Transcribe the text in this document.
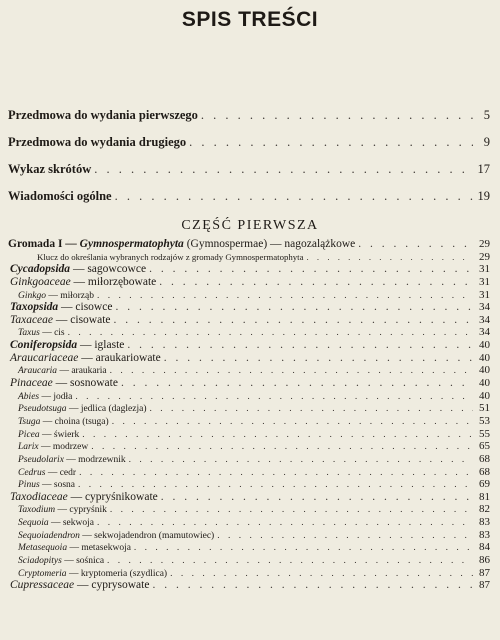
SPIS TREŚCI
Przedmowa do wydania pierwszego . . .	5
Przedmowa do wydania drugiego . . .	9
Wykaz skrótów . . .	17
Wiadomości ogólne . . .	19
CZĘŚĆ PIERWSZA
Gromada I — Gymnospermatophyta (Gymnospermae) — nagozalążkowe . . .	29
Klucz do określania wybranych rodzajów z gromady Gymnospermatophyta . . .	29
Cycadopsida — sagowcowce . . .	31
Ginkgoaceae — miłorzębowate . . .	31
Ginkgo — miłorząb . . .	31
Taxopsida — cisowce . . .	34
Taxaceae — cisowate . . .	34
Taxus — cis . . .	34
Coniferopsida — iglaste . . .	40
Araucariaceae — araukariowate . . .	40
Araucaria — araukaria . . .	40
Pinaceae — sosnowate . . .	40
Abies — jodła . . .	40
Pseudotsuga — jedlica (daglezja) . . .	51
Tsuga — choina (tsuga) . . .	53
Picea — świerk . . .	55
Larix — modrzew . . .	65
Pseudolarix — modrzewnik . . .	68
Cedrus — cedr . . .	68
Pinus — sosna . . .	69
Taxodiaceae — cypryśnikowate . . .	81
Taxodium — cypryśnik . . .	82
Sequoia — sekwoja . . .	83
Sequoiadendron — sekwojadendron (mamutowiec) . . .	83
Metasequoia — metasekwoja . . .	84
Sciadopitys — sośnica . . .	86
Cryptomeria — kryptomeria (szydlica) . . .	87
Cupressaceae — cyprysowate . . .	87
